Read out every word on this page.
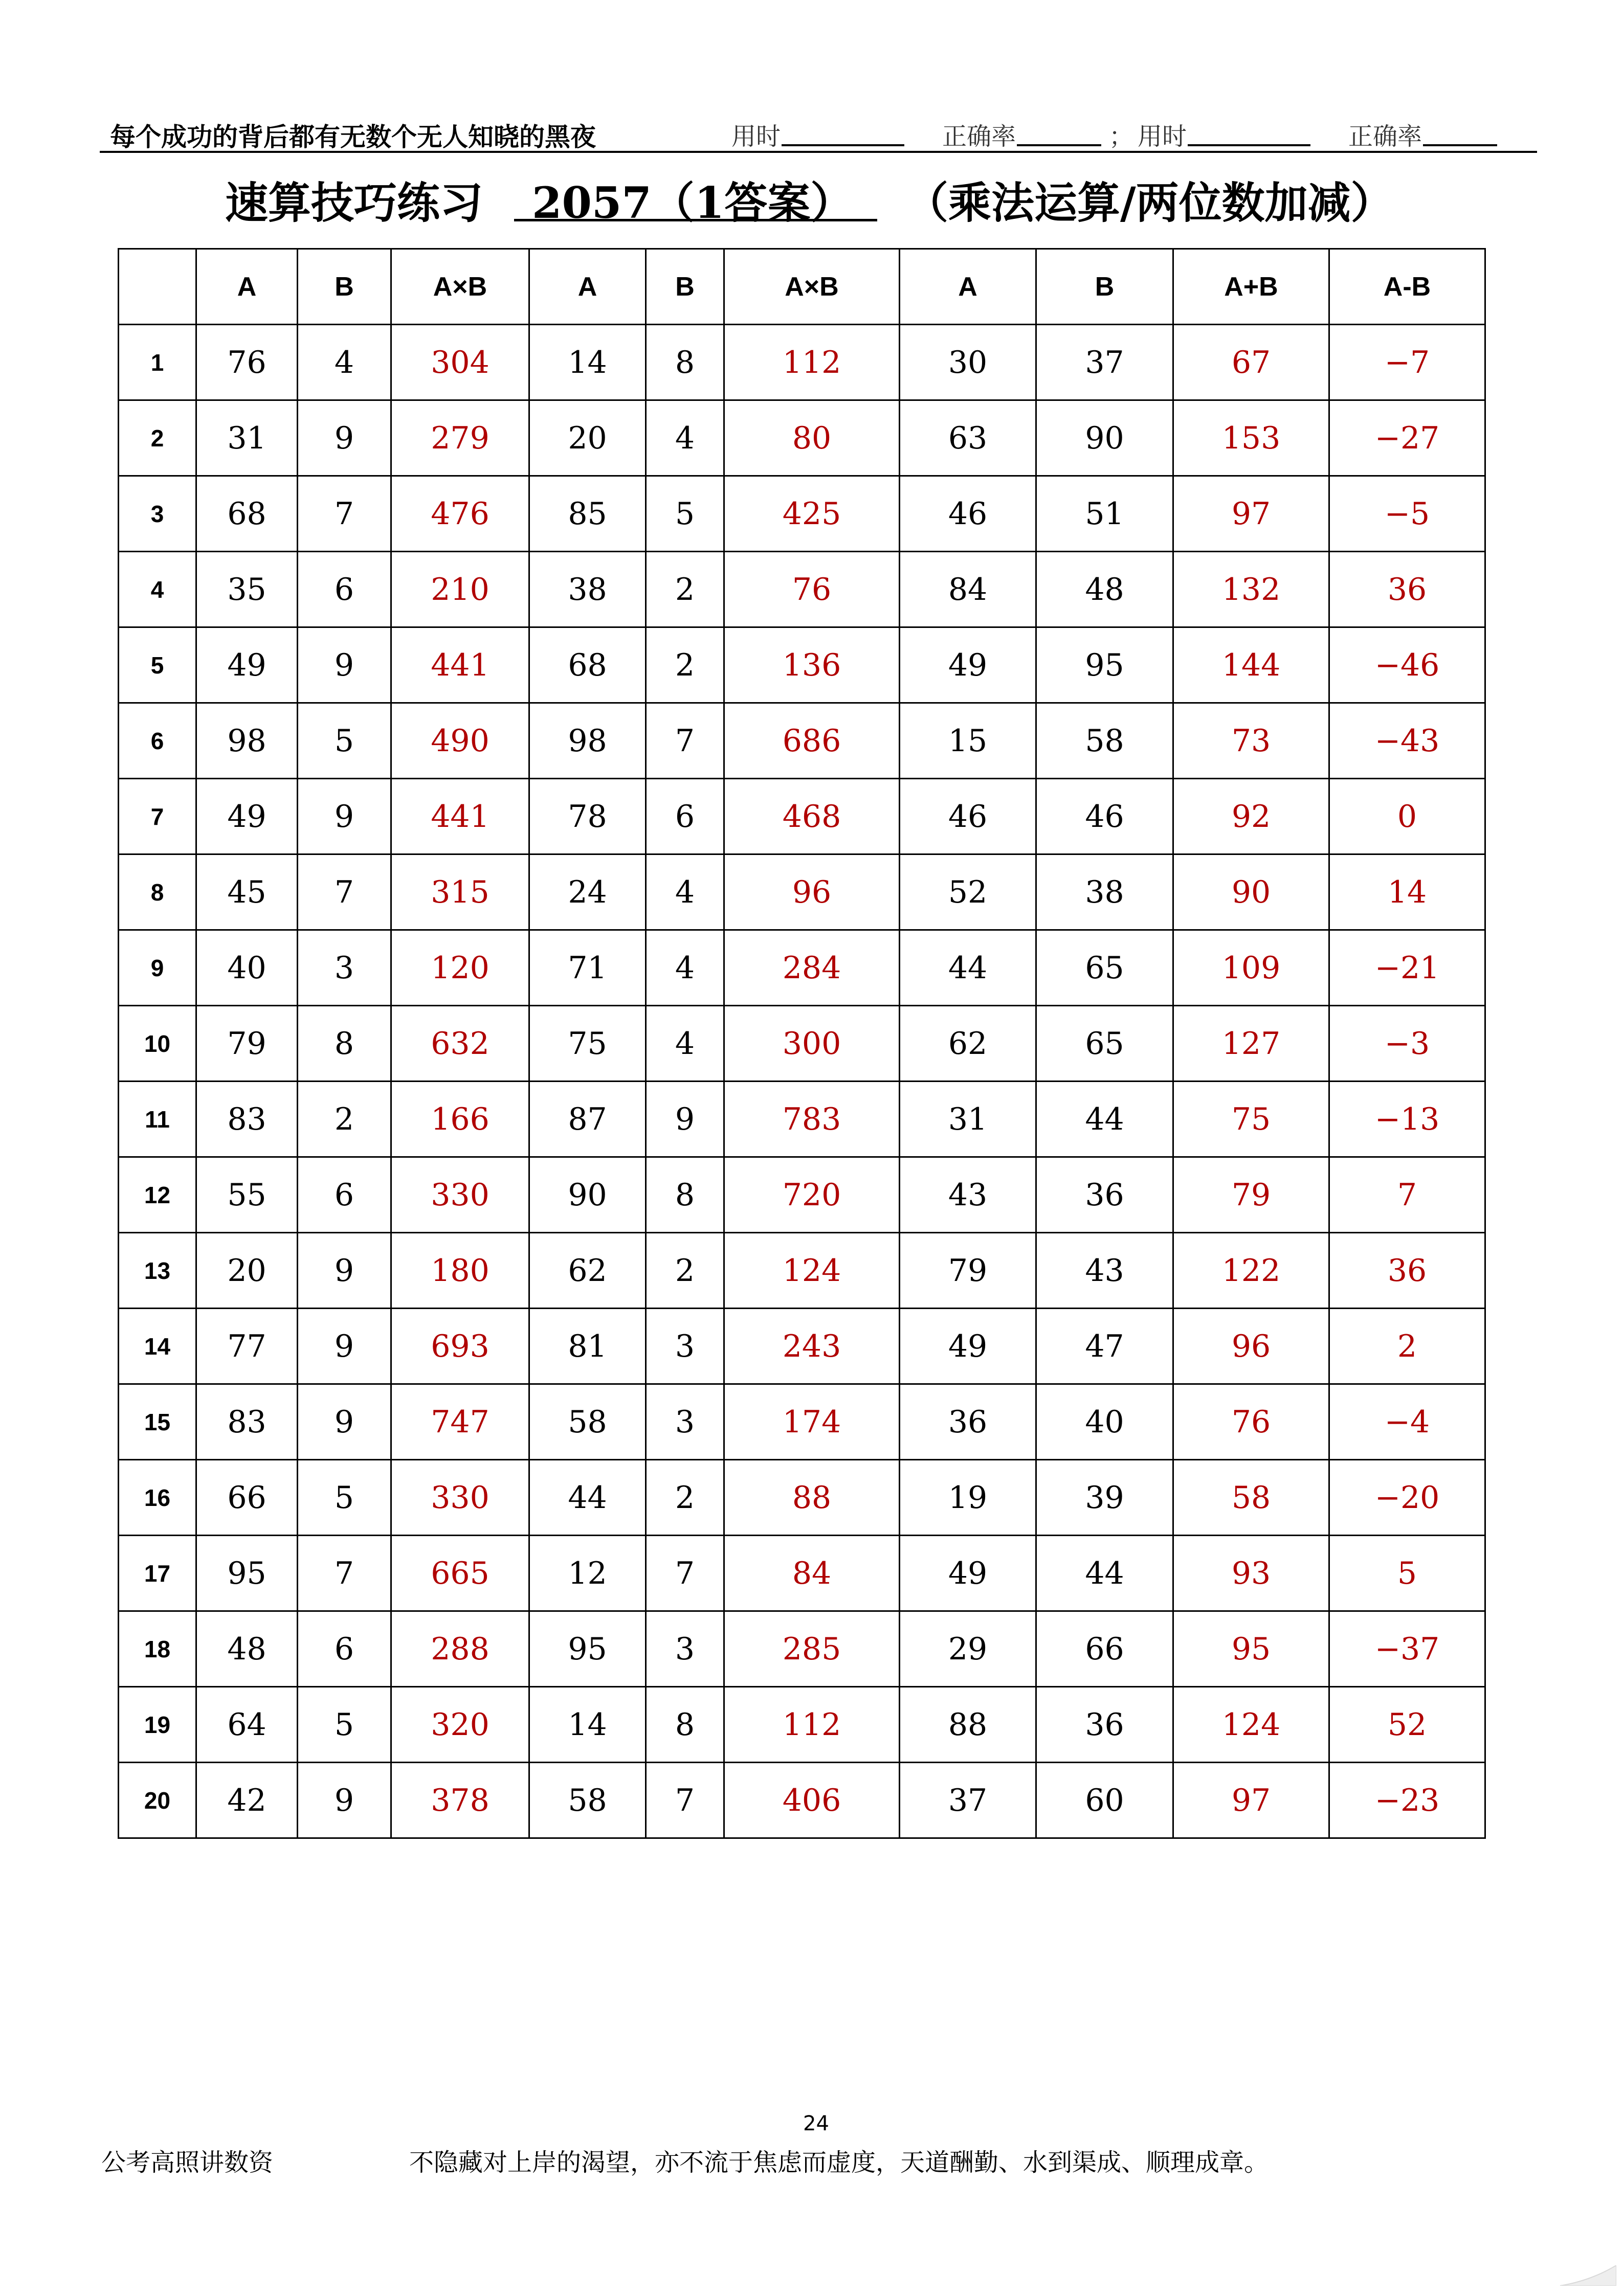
每个成功的背后都有无数个无人知晓的黑夜	用时	正确率	； 用时	正确率
速算技巧练习 2057（1答案） （乘法运算/两位数加减）
	A	B	A×B	A	B	A×B	A	B	A+B	A-B
1	76	4	304	14	8	112	30	37	67	−7
2	31	9	279	20	4	80	63	90	153	−27
3	68	7	476	85	5	425	46	51	97	−5
4	35	6	210	38	2	76	84	48	132	36
5	49	9	441	68	2	136	49	95	144	−46
6	98	5	490	98	7	686	15	58	73	−43
7	49	9	441	78	6	468	46	46	92	0
8	45	7	315	24	4	96	52	38	90	14
9	40	3	120	71	4	284	44	65	109	−21
10	79	8	632	75	4	300	62	65	127	−3
11	83	2	166	87	9	783	31	44	75	−13
12	55	6	330	90	8	720	43	36	79	7
13	20	9	180	62	2	124	79	43	122	36
14	77	9	693	81	3	243	49	47	96	2
15	83	9	747	58	3	174	36	40	76	−4
16	66	5	330	44	2	88	19	39	58	−20
17	95	7	665	12	7	84	49	44	93	5
18	48	6	288	95	3	285	29	66	95	−37
19	64	5	320	14	8	112	88	36	124	52
20	42	9	378	58	7	406	37	60	97	−23
24
公考高照讲数资	不隐藏对上岸的渴望，亦不流于焦虑而虚度，天道酬勤、水到渠成、顺理成章。
